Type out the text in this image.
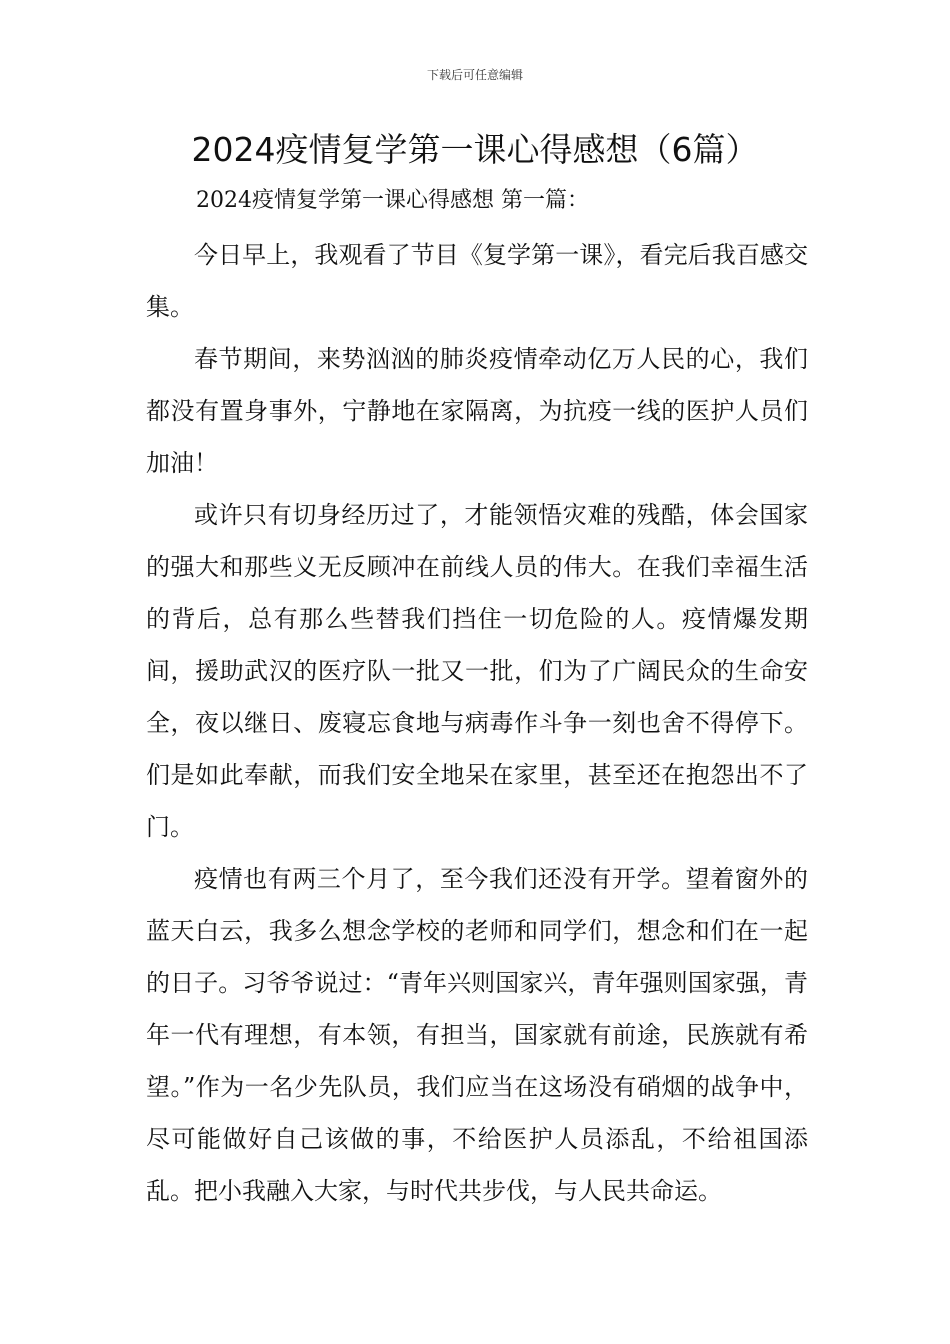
下载后可任意编辑
2024疫情复学第一课心得感想（6篇）
2024疫情复学第一课心得感想 第一篇：

今日早上，我观看了节目《复学第一课》，看完后我百感交集。

春节期间，来势汹汹的肺炎疫情牵动亿万人民的心，我们都没有置身事外，宁静地在家隔离，为抗疫一线的医护人员们加油！

或许只有切身经历过了，才能领悟灾难的残酷，体会国家的强大和那些义无反顾冲在前线人员的伟大。在我们幸福生活的背后，总有那么些替我们挡住一切危险的人。疫情爆发期间，援助武汉的医疗队一批又一批，们为了广阔民众的生命安全，夜以继日、废寝忘食地与病毒作斗争一刻也舍不得停下。们是如此奉献，而我们安全地呆在家里，甚至还在抱怨出不了门。

疫情也有两三个月了，至今我们还没有开学。望着窗外的蓝天白云，我多么想念学校的老师和同学们，想念和们在一起的日子。习爷爷说过：“青年兴则国家兴，青年强则国家强，青年一代有理想，有本领，有担当，国家就有前途，民族就有希望。”作为一名少先队员，我们应当在这场没有硝烟的战争中，尽可能做好自己该做的事，不给医护人员添乱，不给祖国添乱。把小我融入大家，与时代共步伐，与人民共命运。
